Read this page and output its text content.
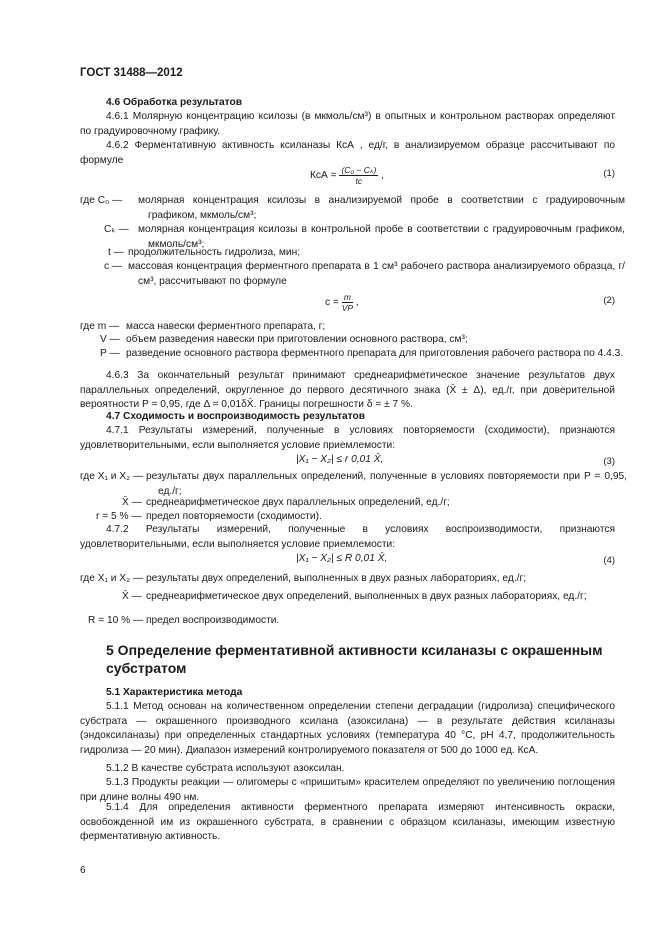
ГОСТ 31488—2012
4.6 Обработка результатов
4.6.1 Молярную концентрацию ксилозы (в мкмоль/см³) в опытных и контрольном растворах определяют по градуировочному графику.
4.6.2 Ферментативную активность ксиланазы КсА , ед/г, в анализируемом образце рассчитывают по формуле
КсА = $\frac{\text{(C₀ − Cₖ)}}{tc}$ ,	(1)
где C₀ — молярная концентрация ксилозы в анализируемой пробе в соответствии с градуировочным графиком, мкмоль/см³;
Cₖ — молярная концентрация ксилозы в контрольной пробе в соответствии с градуировочным графиком, мкмоль/см³;
t — продолжительность гидролиза, мин;
c — массовая концентрация ферментного препарата в 1 см³ рабочего раствора анализируемого образца, г/см³, рассчитывают по формуле
$c = \frac{m}{VP}$ ,	(2)
где m — масса навески ферментного препарата, г;
V — объем разведения навески при приготовлении основного раствора, см³;
P — разведение основного раствора ферментного препарата для приготовления рабочего раствора по 4.4.3.
4.6.3 За окончательный результат принимают среднеарифметическое значение результатов двух параллельных определений, округленное до первого десятичного знака (X̄ ± Δ), ед./г, при доверительной вероятности P = 0,95, где Δ = 0,01δX̄. Границы погрешности δ = ± 7 %.
4.7 Сходимость и воспроизводимость результатов
4.7.1 Результаты измерений, полученные в условиях повторяемости (сходимости), признаются удовлетворительными, если выполняется условие приемлемости:
|X₁ − X₂| ≤ r 0,01 X̄,	(3)
где X₁ и X₂ — результаты двух параллельных определений, полученные в условиях повторяемости при P = 0,95, ед./г;
X̄ — среднеарифметическое двух параллельных определений, ед./г;
r = 5 % — предел повторяемости (сходимости).
4.7.2 Результаты измерений, полученные в условиях воспроизводимости, признаются удовлетворительными, если выполняется условие приемлемости:
|X₁ − X₂| ≤ R 0,01 X̄,	(4)
где X₁ и X₂ — результаты двух определений, выполненных в двух разных лабораториях, ед./г;
X̄ — среднеарифметическое двух определений, выполненных в двух разных лабораториях, ед./г;
R = 10 % — предел воспроизводимости.
5 Определение ферментативной активности ксиланазы с окрашенным субстратом
5.1 Характеристика метода
5.1.1 Метод основан на количественном определении степени деградации (гидролиза) специфического субстрата — окрашенного производного ксилана (азоксилана) — в результате действия ксиланазы (эндоксиланазы) при определенных стандартных условиях (температура 40 °С, pH 4,7, продолжительность гидролиза — 20 мин). Диапазон измерений контролируемого показателя от 500 до 1000 ед. КсА.
5.1.2 В качестве субстрата используют азоксилан.
5.1.3 Продукты реакции — олигомеры с «пришитым» красителем определяют по увеличению поглощения при длине волны 490 нм.
5.1.4 Для определения активности ферментного препарата измеряют интенсивность окраски, освобожденной им из окрашенного субстрата, в сравнении с образцом ксиланазы, имеющим известную ферментативную активность.
6
